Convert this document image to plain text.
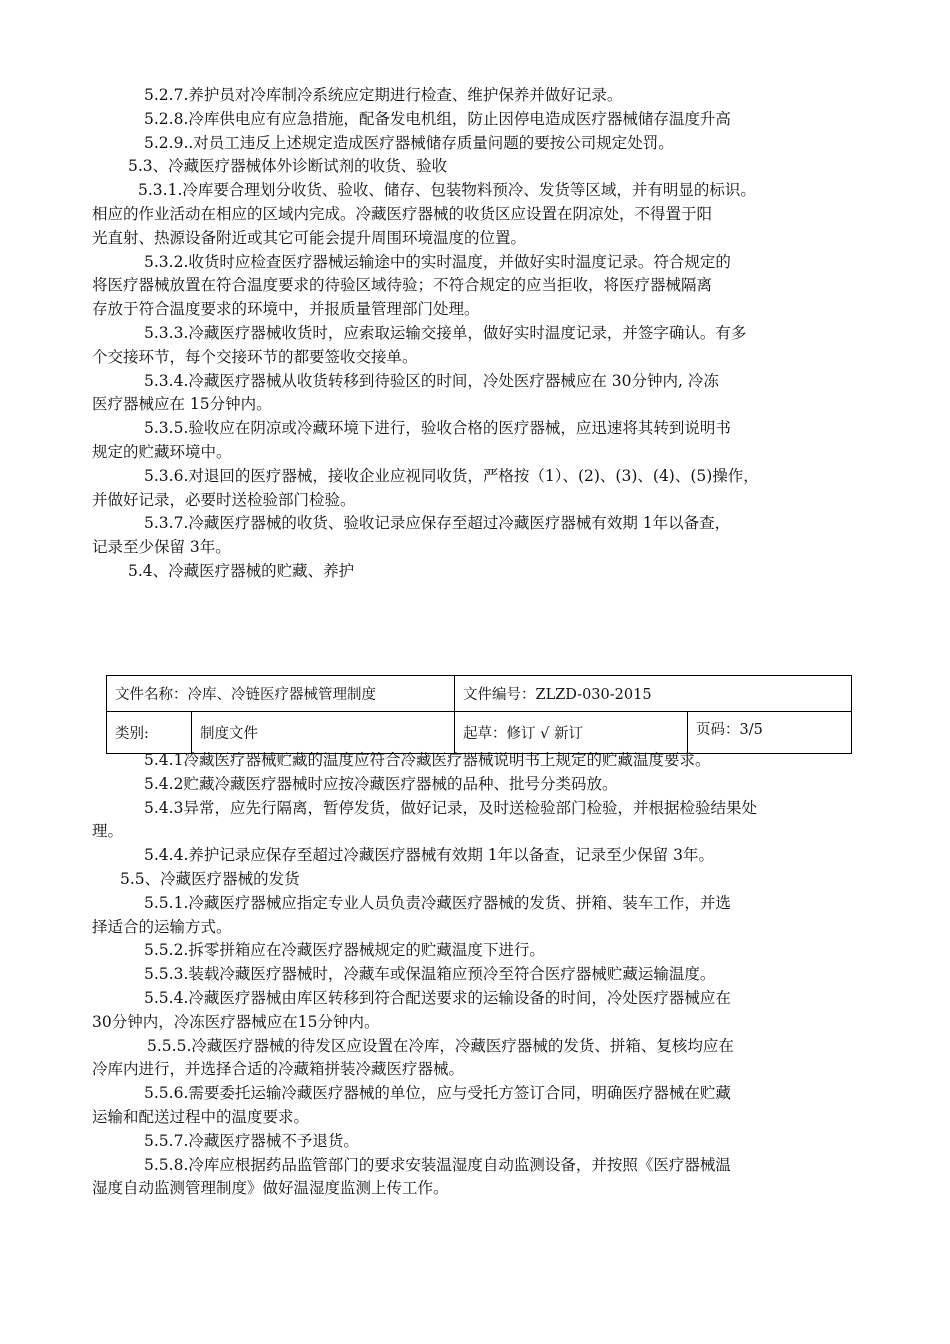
5.2.7.养护员对冷库制冷系统应定期进行检查、维护保养并做好记录。
5.2.8.冷库供电应有应急措施，配备发电机组，防止因停电造成医疗器械储存温度升高
5.2.9..对员工违反上述规定造成医疗器械储存质量问题的要按公司规定处罚。
5.3、冷藏医疗器械体外诊断试剂的收货、验收
5.3.1.冷库要合理划分收货、验收、储存、包装物料预冷、发货等区域，并有明显的标识。
相应的作业活动在相应的区域内完成。冷藏医疗器械的收货区应设置在阴凉处，不得置于阳
光直射、热源设备附近或其它可能会提升周围环境温度的位置。
5.3.2.收货时应检查医疗器械运输途中的实时温度，并做好实时温度记录。符合规定的
将医疗器械放置在符合温度要求的待验区域待验；不符合规定的应当拒收，将医疗器械隔离
存放于符合温度要求的环境中，并报质量管理部门处理。
5.3.3.冷藏医疗器械收货时，应索取运输交接单，做好实时温度记录，并签字确认。有多
个交接环节，每个交接环节的都要签收交接单。
5.3.4.冷藏医疗器械从收货转移到待验区的时间，冷处医疗器械应在 30分钟内, 冷冻
医疗器械应在 15分钟内。
5.3.5.验收应在阴凉或冷藏环境下进行，验收合格的医疗器械，应迅速将其转到说明书
规定的贮藏环境中。
5.3.6.对退回的医疗器械，接收企业应视同收货，严格按（1）、(2)、(3)、(4)、(5)操作，
并做好记录，必要时送检验部门检验。
5.3.7.冷藏医疗器械的收货、验收记录应保存至超过冷藏医疗器械有效期 1年以备查，
记录至少保留 3年。
5.4、冷藏医疗器械的贮藏、养护
文件名称：冷库、冷链医疗器械管理制度		文件编号：ZLZD-030-2015	
类别:	制度文件	起草：修订 √ 新订	页码：3/5
5.4.1冷藏医疗器械贮藏的温度应符合冷藏医疗器械说明书上规定的贮藏温度要求。
5.4.2贮藏冷藏医疗器械时应按冷藏医疗器械的品种、批号分类码放。
5.4.3异常，应先行隔离，暂停发货，做好记录，及时送检验部门检验，并根据检验结果处
理。
5.4.4.养护记录应保存至超过冷藏医疗器械有效期 1年以备查，记录至少保留 3年。
5.5、冷藏医疗器械的发货
5.5.1.冷藏医疗器械应指定专业人员负责冷藏医疗器械的发货、拼箱、装车工作，并选
择适合的运输方式。
5.5.2.拆零拼箱应在冷藏医疗器械规定的贮藏温度下进行。
5.5.3.装载冷藏医疗器械时，冷藏车或保温箱应预冷至符合医疗器械贮藏运输温度。
5.5.4.冷藏医疗器械由库区转移到符合配送要求的运输设备的时间，冷处医疗器械应在
30分钟内，冷冻医疗器械应在15分钟内。
5.5.5.冷藏医疗器械的待发区应设置在冷库，冷藏医疗器械的发货、拼箱、复核均应在
冷库内进行，并选择合适的冷藏箱拼装冷藏医疗器械。
5.5.6.需要委托运输冷藏医疗器械的单位，应与受托方签订合同，明确医疗器械在贮藏
运输和配送过程中的温度要求。
5.5.7.冷藏医疗器械不予退货。
5.5.8.冷库应根据药品监管部门的要求安装温湿度自动监测设备，并按照《医疗器械温
湿度自动监测管理制度》做好温湿度监测上传工作。
